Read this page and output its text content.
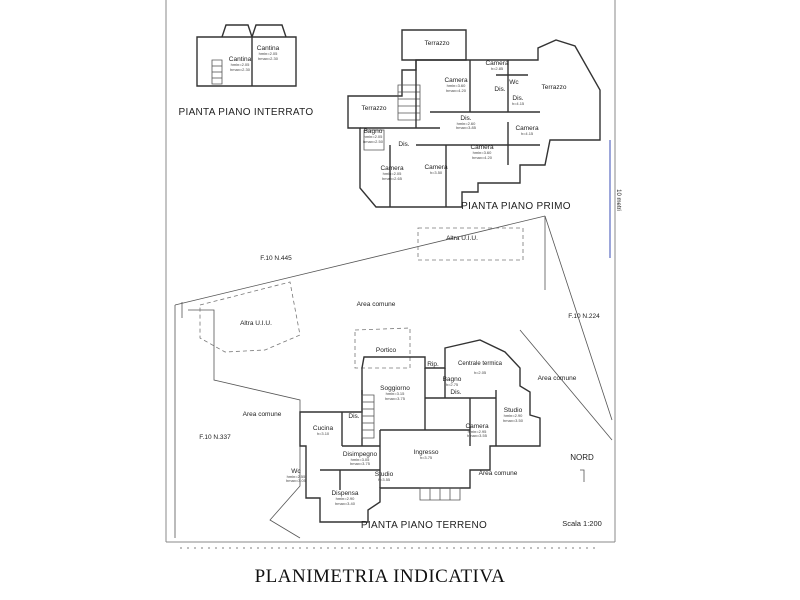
10 metri
Cantina
hmin=2.05
hmax=2.30
Cantina
hmin=2.05
hmax=2.30
PIANTA PIANO INTERRATO
Terrazzo
Terrazzo
Terrazzo
Camera
hmin=3.60
hmax=4.20
Camera
h=2.85
Wc
Dis.
Dis.
h=4.15
Dis.
hmin=2.60
hmax=3.85
Dis.
Bagno
hmin=2.05
hmax=2.50
Camera
h=4.15
Camera
hmin=2.05
hmax=2.65
Camera
h=3.50
Camera
hmin=3.60
hmax=4.20
PIANTA PIANO PRIMO
F.10 N.445
F.10 N.224
F.10 N.337
Altra U.I.U.
Altra U.I.U.
Area comune
Area comune
Area comune
Area comune
Portico
Rip.	Centrale termica
h=2.05
Bagno
h=2.75
Dis.
Soggiorno
hmin=3.15
hmax=3.75
Dis.
Studio
hmin=2.90
hmax=3.50
Camera
hmin=2.95
hmax=3.55
Cucina
h=3.10
Disimpegno
hmin=3.05
hmax=3.75
Ingresso
h=3.75
Wc
hmin=2.55
hmax=3.05
Studio
h=3.55
Dispensa
hmin=2.90
hmax=3.40
PIANTA PIANO TERRENO
NORD
Scala 1:200
PLANIMETRIA INDICATIVA
